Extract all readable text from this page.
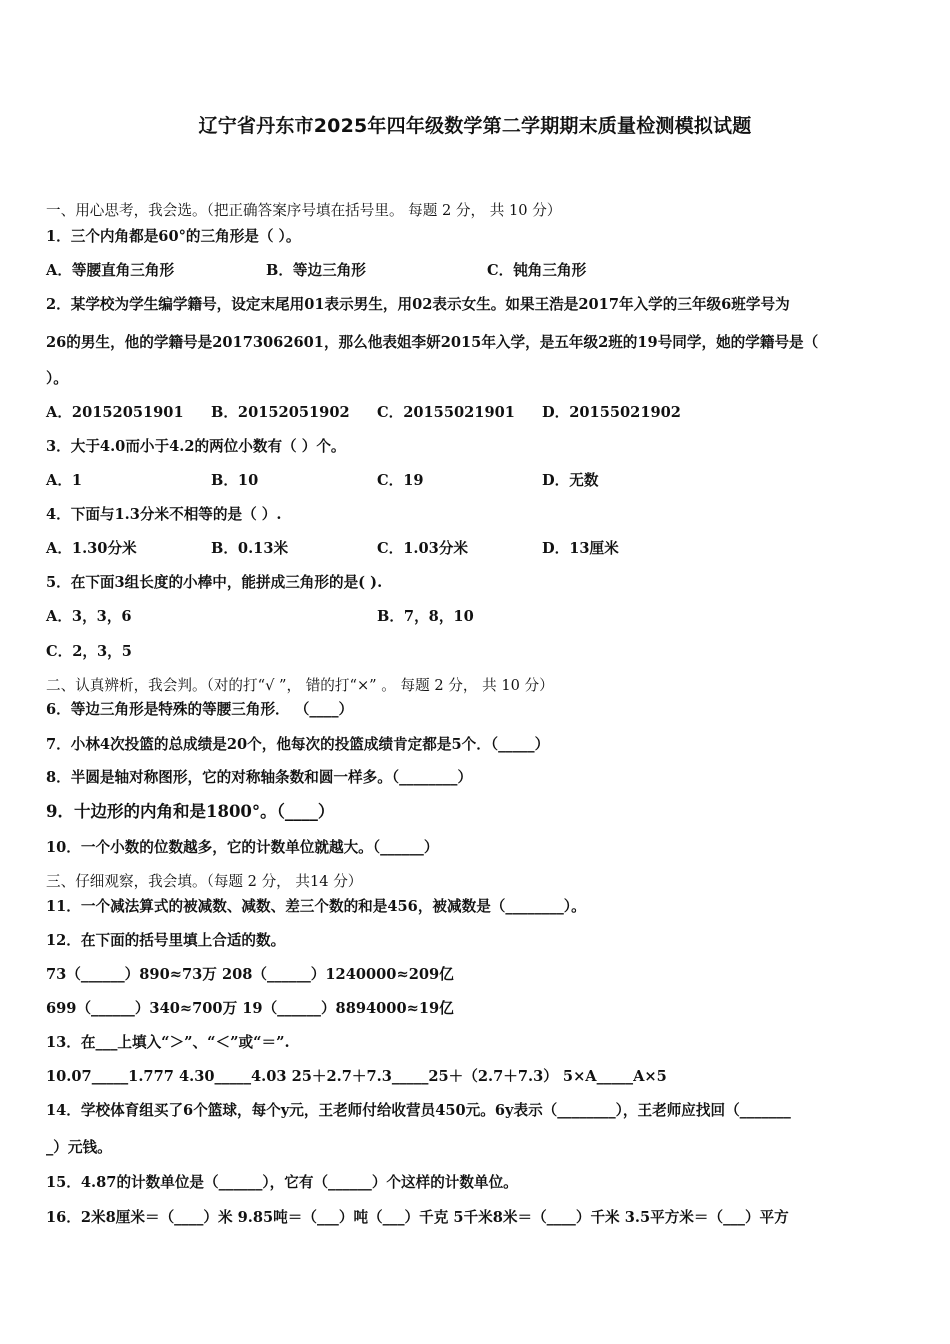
辽宁省丹东市2025年四年级数学第二学期期末质量检测模拟试题
一、用心思考，我会选。（把正确答案序号填在括号里。 每题 2 分， 共 10 分）
1．三个内角都是60°的三角形是（ ）。
A．等腰直角三角形	B．等边三角形	C．钝角三角形
2．某学校为学生编学籍号，设定末尾用01表示男生，用02表示女生。如果王浩是2017年入学的三年级6班学号为
26的男生，他的学籍号是20173062601，那么他表姐李妍2015年入学，是五年级2班的19号同学，她的学籍号是（
）。
A．20152051901 B．20152051902 C．20155021901 D．20155021902
3．大于4.0而小于4.2的两位小数有（ ）个。
A．1	B．10	C．19	D．无数
4．下面与1.3分米不相等的是（ ）.
A．1.30分米	B．0.13米	C．1.03分米	D．13厘米
5．在下面3组长度的小棒中，能拼成三角形的是( ).
A．3，3，6	B．7，8，10
C．2，3，5
二、认真辨析，我会判。（对的打“√ ”， 错的打“×” 。 每题 2 分， 共 10 分）
6．等边三角形是特殊的等腰三角形． （____）
7．小林4次投篮的总成绩是20个，他每次的投篮成绩肯定都是5个．（_____）
8．半圆是轴对称图形，它的对称轴条数和圆一样多。（________）
9．十边形的内角和是1800°。（____）
10．一个小数的位数越多，它的计数单位就越大。（______）
三、仔细观察，我会填。（每题 2 分， 共14 分）
11．一个减法算式的被减数、减数、差三个数的和是456，被减数是（________）。
12．在下面的括号里填上合适的数。
73（______）890≈73万 208（______）1240000≈209亿
699（______）340≈700万 19（______）8894000≈19亿
13．在___上填入“＞”、“＜”或“＝”.
10.07_____1.777 4.30_____4.03 25＋2.7＋7.3_____25＋（2.7＋7.3） 5×A_____A×5
14．学校体育组买了6个篮球，每个y元，王老师付给收营员450元。6y表示（________），王老师应找回（_______
_）元钱。
15．4.87的计数单位是（______），它有（______）个这样的计数单位。
16．2米8厘米＝（____）米 9.85吨＝（___）吨（___）千克 5千米8米＝（____）千米 3.5平方米＝（___）平方
